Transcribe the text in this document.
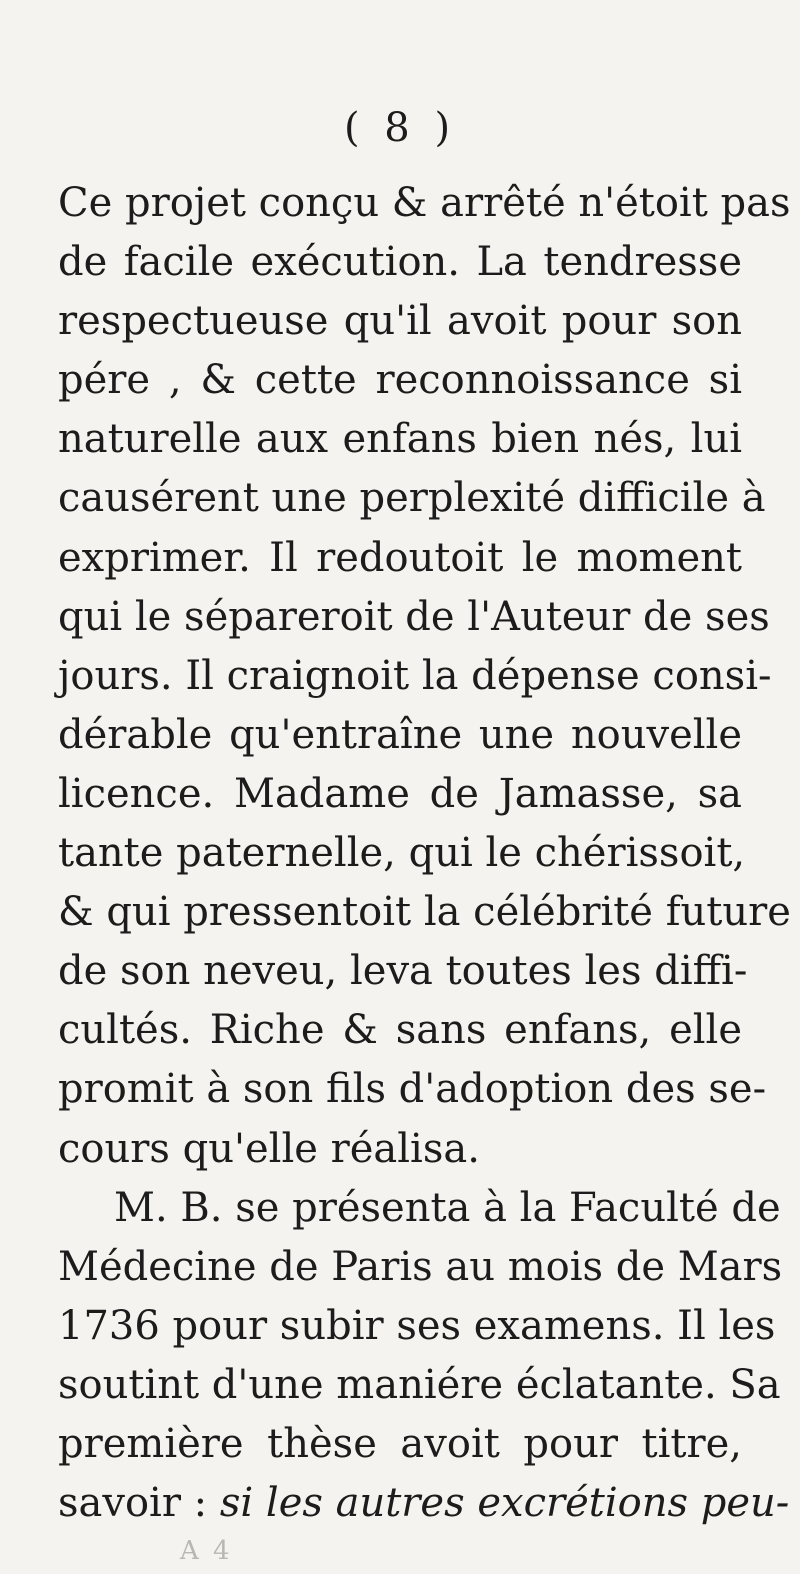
( 8 )
Ce projet conçu & arrêté n'étoit pas
de facile exécution. La tendresse
respectueuse qu'il avoit pour son
pére , & cette reconnoissance si
naturelle aux enfans bien nés, lui
causérent une perplexité difficile à
exprimer. Il redoutoit le moment
qui le sépareroit de l'Auteur de ses
jours. Il craignoit la dépense consi-
dérable qu'entraîne une nouvelle
licence. Madame de Jamasse, sa
tante paternelle, qui le chérissoit,
& qui pressentoit la célébrité future
de son neveu, leva toutes les diffi-
cultés. Riche & sans enfans, elle
promit à son fils d'adoption des se-
cours qu'elle réalisa.
M. B. se présenta à la Faculté de
Médecine de Paris au mois de Mars
1736 pour subir ses examens. Il les
soutint d'une maniére éclatante. Sa
première thèse avoit pour titre,
savoir : si les autres excrétions peu-
A 4
